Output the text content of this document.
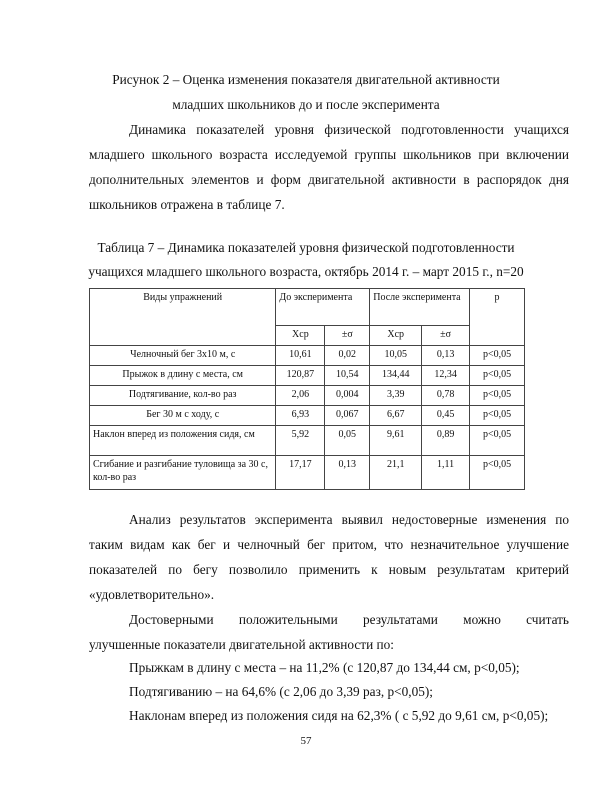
Рисунок 2 – Оценка изменения показателя двигательной активности
младших школьников до и после эксперимента
Динамика показателей уровня физической подготовленности учащихся
младшего школьного возраста исследуемой группы школьников при включении
дополнительных элементов и форм двигательной активности в распорядок дня
школьников отражена в таблице 7.
Таблица 7 – Динамика показателей уровня физической подготовленности
учащихся младшего школьного возраста, октябрь 2014 г. – март 2015 г., n=20
Виды упражнений	До эксперимента		После эксперимента		р
	Хср	±σ	Хср	±σ	
Челночный бег 3х10 м, с	10,61	0,02	10,05	0,13	р<0,05
Прыжок в длину с места, см	120,87	10,54	134,44	12,34	р<0,05
Подтягивание, кол-во раз	2,06	0,004	3,39	0,78	р<0,05
Бег 30 м с ходу, с	6,93	0,067	6,67	0,45	р<0,05
Наклон вперед из положения сидя, см	5,92	0,05	9,61	0,89	р<0,05
Сгибание и разгибание туловища за 30 с, кол-во раз	17,17	0,13	21,1	1,11	р<0,05
Анализ результатов эксперимента выявил недостоверные изменения по
таким видам как бег и челночный бег притом, что незначительное улучшение
показателей по бегу позволило применить к новым результатам критерий
«удовлетворительно».
Достоверными положительными результатами можно считать
улучшенные показатели двигательной активности по:
Прыжкам в длину с места – на 11,2% (с 120,87 до 134,44 см, р<0,05);
Подтягиванию – на 64,6% (с 2,06 до 3,39 раз, р<0,05);
Наклонам вперед из положения сидя на 62,3% ( с 5,92 до 9,61 см, р<0,05);
57
